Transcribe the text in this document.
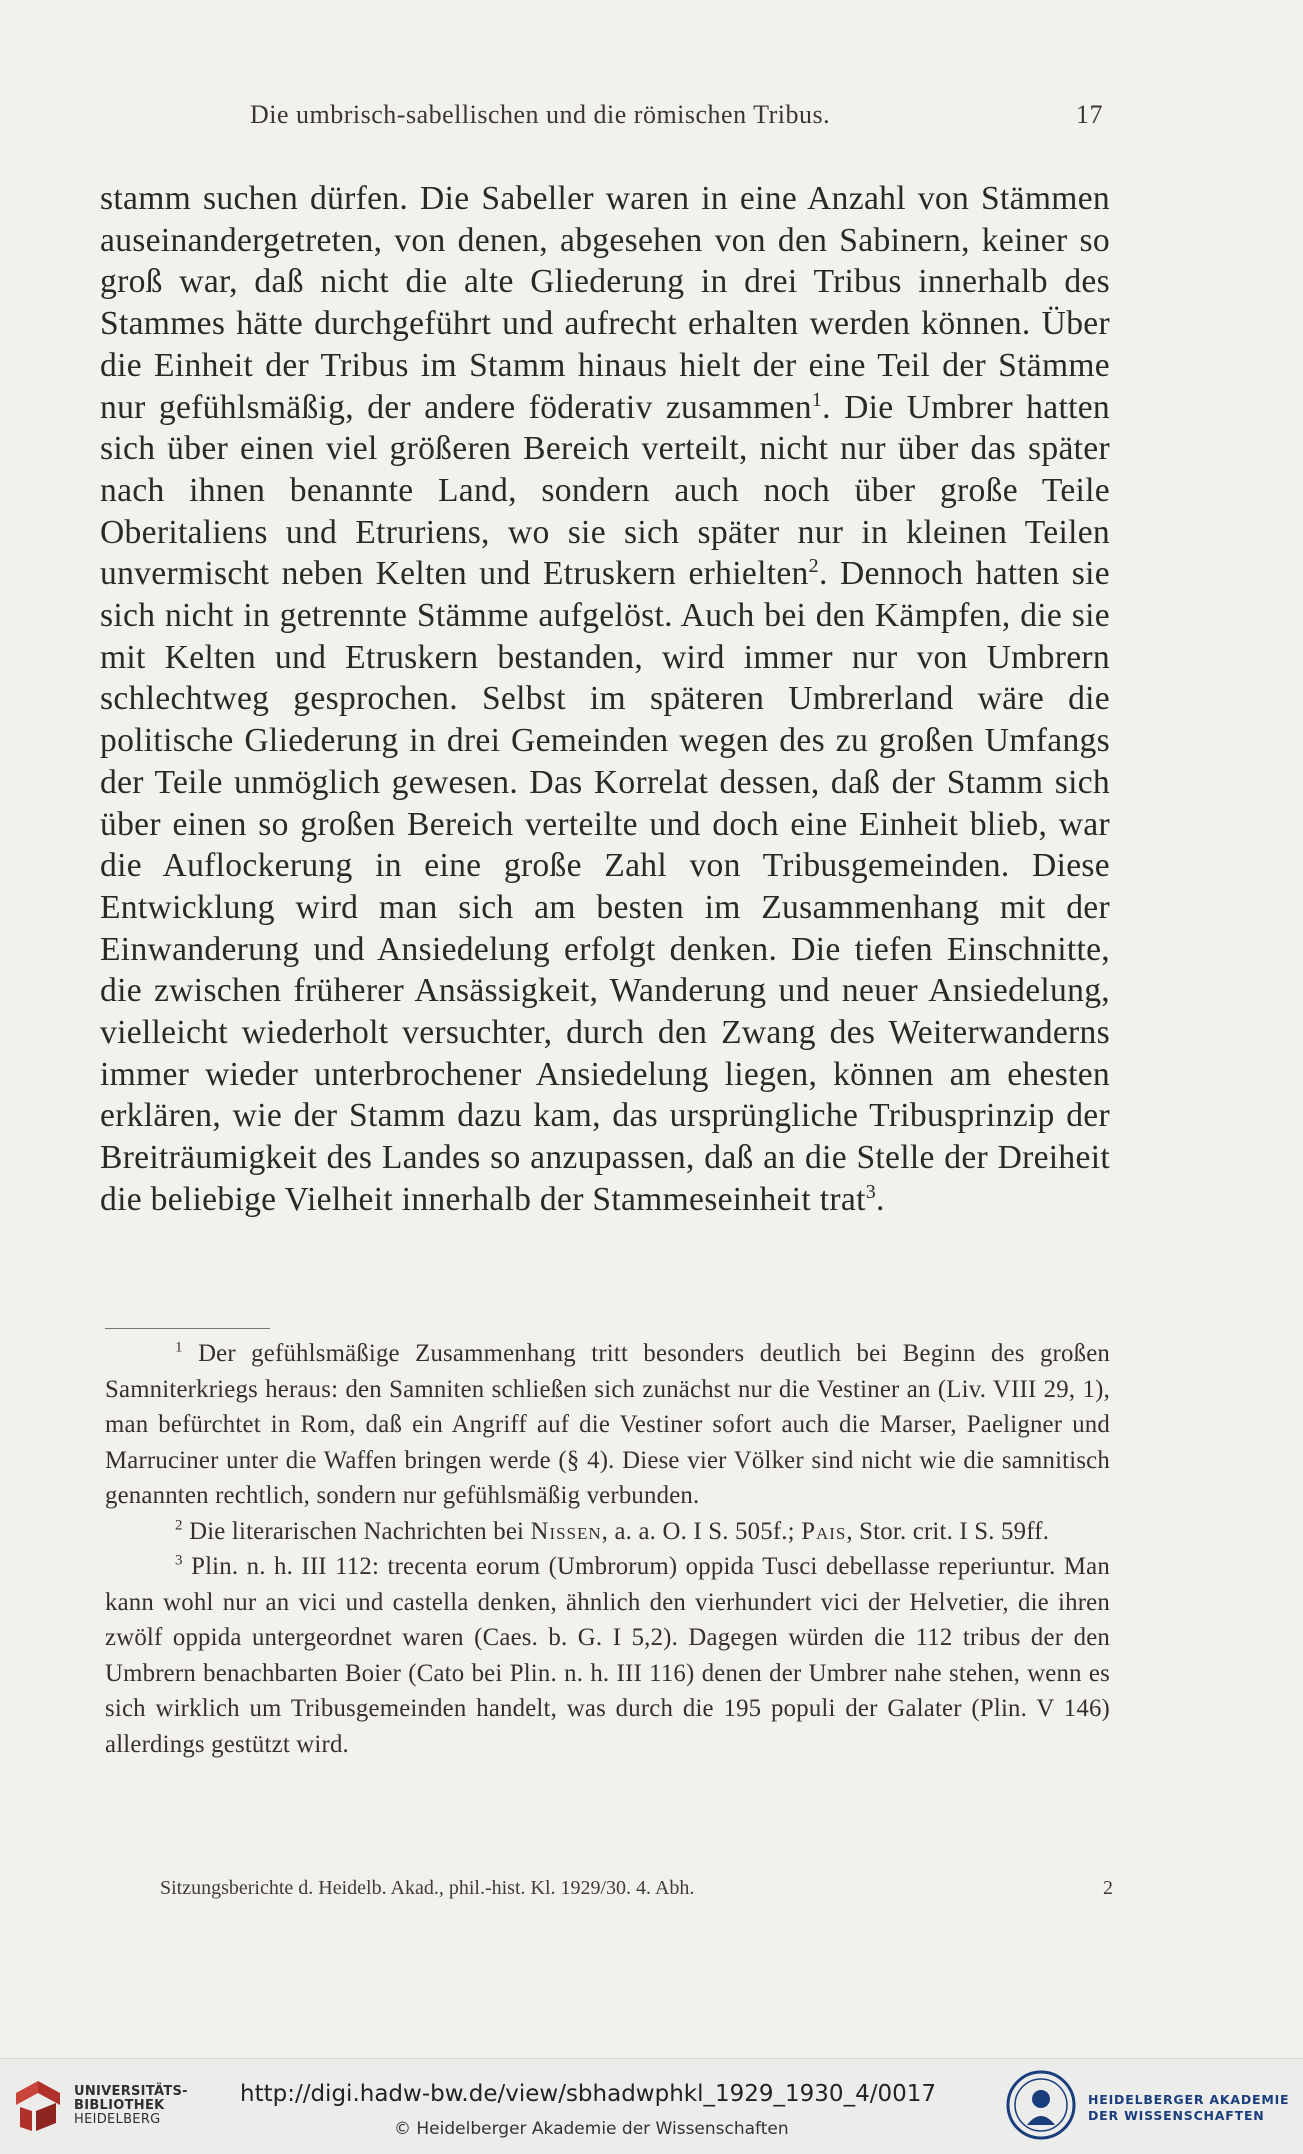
Die umbrisch-sabellischen und die römischen Tribus.	17
stamm suchen dürfen. Die Sabeller waren in eine Anzahl von Stämmen auseinandergetreten, von denen, abgesehen von den Sabinern, keiner so groß war, daß nicht die alte Gliederung in drei Tribus innerhalb des Stammes hätte durchgeführt und aufrecht erhalten werden können. Über die Einheit der Tribus im Stamm hinaus hielt der eine Teil der Stämme nur gefühlsmäßig, der andere föderativ zusammen$^1$. Die Umbrer hatten sich über einen viel größeren Bereich verteilt, nicht nur über das später nach ihnen benannte Land, sondern auch noch über große Teile Oberitaliens und Etruriens, wo sie sich später nur in kleinen Teilen unvermischt neben Kelten und Etruskern erhielten$^2$. Dennoch hatten sie sich nicht in getrennte Stämme aufgelöst. Auch bei den Kämpfen, die sie mit Kelten und Etruskern bestanden, wird immer nur von Umbrern schlechtweg gesprochen. Selbst im späteren Umbrerland wäre die politische Gliederung in drei Gemeinden wegen des zu großen Umfangs der Teile unmöglich gewesen. Das Korrelat dessen, daß der Stamm sich über einen so großen Bereich verteilte und doch eine Einheit blieb, war die Auflockerung in eine große Zahl von Tribusgemeinden. Diese Entwicklung wird man sich am besten im Zusammenhang mit der Einwanderung und Ansiedelung erfolgt denken. Die tiefen Einschnitte, die zwischen früherer Ansässigkeit, Wanderung und neuer Ansiedelung, vielleicht wiederholt versuchter, durch den Zwang des Weiterwanderns immer wieder unterbrochener Ansiedelung liegen, können am ehesten erklären, wie der Stamm dazu kam, das ursprüngliche Tribusprinzip der Breiträumigkeit des Landes so anzupassen, daß an die Stelle der Dreiheit die beliebige Vielheit innerhalb der Stammeseinheit trat$^3$.

$^1$ Der gefühlsmäßige Zusammenhang tritt besonders deutlich bei Beginn des großen Samniterkriegs heraus: den Samniten schließen sich zunächst nur die Vestiner an (Liv. VIII 29, 1), man befürchtet in Rom, daß ein Angriff auf die Vestiner sofort auch die Marser, Paeligner und Marruciner unter die Waffen bringen werde (§ 4). Diese vier Völker sind nicht wie die samnitisch genannten rechtlich, sondern nur gefühlsmäßig verbunden.

$^2$ Die literarischen Nachrichten bei Nissen, a. a. O. I S. 505f.; Pais, Stor. crit. I S. 59ff.

$^3$ Plin. n. h. III 112: trecenta eorum (Umbrorum) oppida Tusci debellasse reperiuntur. Man kann wohl nur an vici und castella denken, ähnlich den vierhundert vici der Helvetier, die ihren zwölf oppida untergeordnet waren (Caes. b. G. I 5,2). Dagegen würden die 112 tribus der den Umbrern benachbarten Boier (Cato bei Plin. n. h. III 116) denen der Umbrer nahe stehen, wenn es sich wirklich um Tribusgemeinden handelt, was durch die 195 populi der Galater (Plin. V 146) allerdings gestützt wird.

Sitzungsberichte d. Heidelb. Akad., phil.-hist. Kl. 1929/30. 4. Abh.	2
UNIVERSITÄTS-
BIBLIOTHEK
HEIDELBERG
http://digi.hadw-bw.de/view/sbhadwphkl_1929_1930_4/0017
© Heidelberger Akademie der Wissenschaften
HEIDELBERGER AKADEMIE
DER WISSENSCHAFTEN
